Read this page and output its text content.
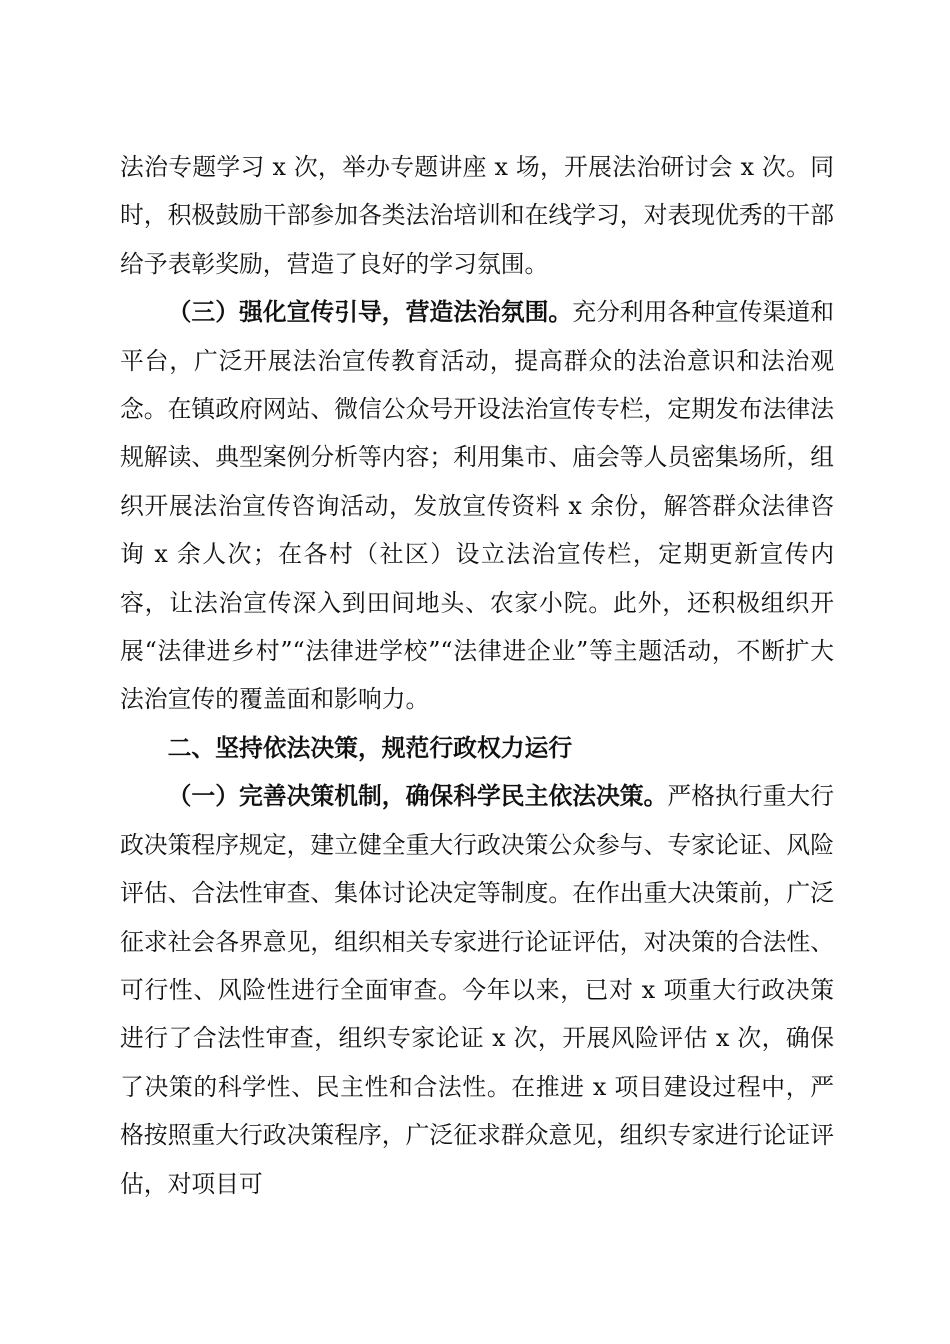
法治专题学习 x 次，举办专题讲座 x 场，开展法治研讨会 x 次。同时，积极鼓励干部参加各类法治培训和在线学习，对表现优秀的干部给予表彰奖励，营造了良好的学习氛围。

（三）强化宣传引导，营造法治氛围。充分利用各种宣传渠道和平台，广泛开展法治宣传教育活动，提高群众的法治意识和法治观念。在镇政府网站、微信公众号开设法治宣传专栏，定期发布法律法规解读、典型案例分析等内容；利用集市、庙会等人员密集场所，组织开展法治宣传咨询活动，发放宣传资料 x 余份，解答群众法律咨询 x 余人次；在各村（社区）设立法治宣传栏，定期更新宣传内容，让法治宣传深入到田间地头、农家小院。此外，还积极组织开展“法律进乡村”“法律进学校”“法律进企业”等主题活动，不断扩大法治宣传的覆盖面和影响力。

二、坚持依法决策，规范行政权力运行

（一）完善决策机制，确保科学民主依法决策。严格执行重大行政决策程序规定，建立健全重大行政决策公众参与、专家论证、风险评估、合法性审查、集体讨论决定等制度。在作出重大决策前，广泛征求社会各界意见，组织相关专家进行论证评估，对决策的合法性、可行性、风险性进行全面审查。今年以来，已对 x 项重大行政决策进行了合法性审查，组织专家论证 x 次，开展风险评估 x 次，确保了决策的科学性、民主性和合法性。在推进 x 项目建设过程中，严格按照重大行政决策程序，广泛征求群众意见，组织专家进行论证评估，对项目可
